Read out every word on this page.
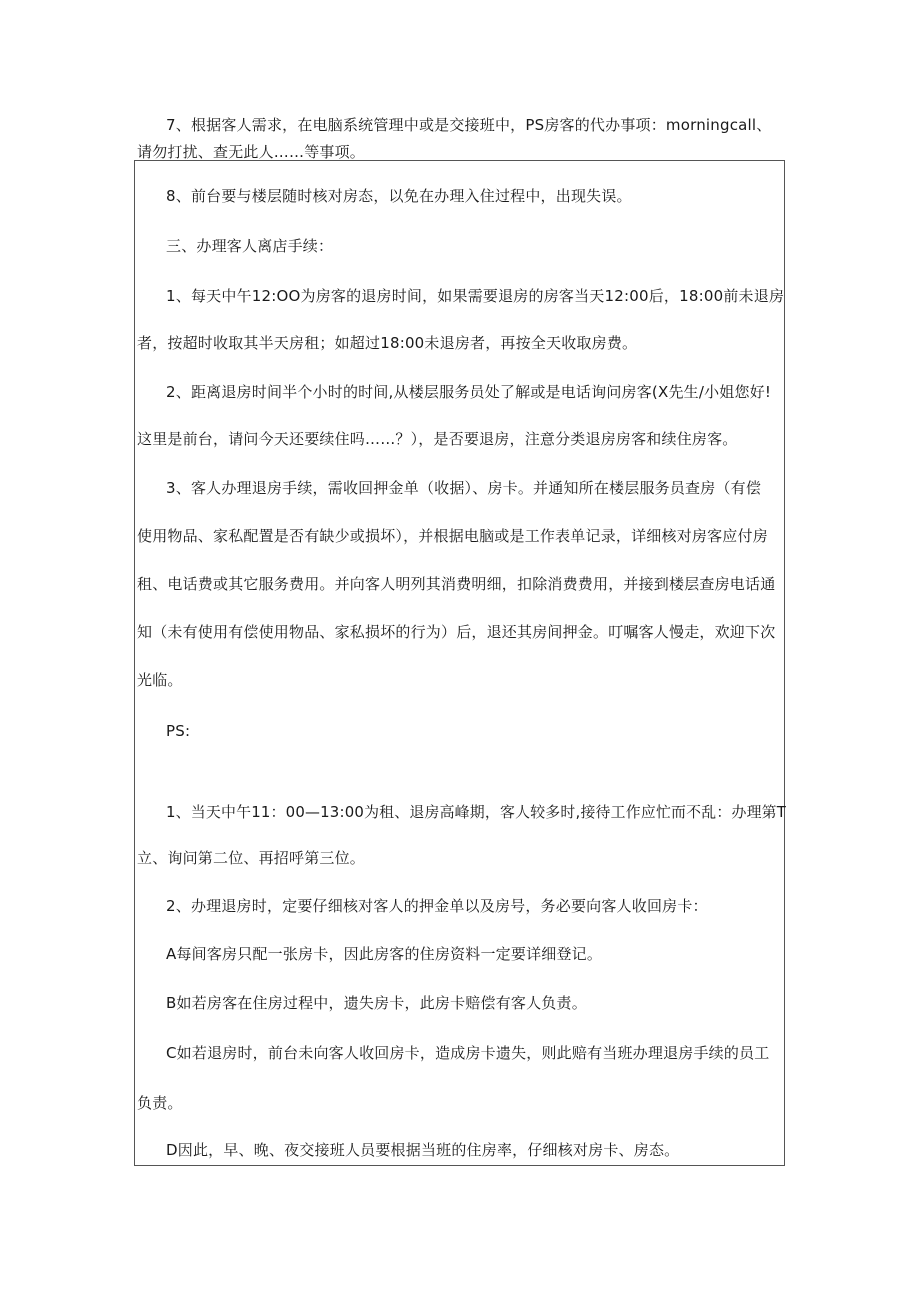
7、根据客人需求，在电脑系统管理中或是交接班中，PS房客的代办事项：morningcall、

请勿打扰、查无此人……等事项。

8、前台要与楼层随时核对房态，以免在办理入住过程中，出现失误。

三、办理客人离店手续：

1、每天中午12:OO为房客的退房时间，如果需要退房的房客当天12:00后，18:00前未退房

者，按超时收取其半天房租；如超过18:00未退房者，再按全天收取房费。

2、距离退房时间半个小时的时间,从楼层服务员处了解或是电话询问房客(X先生/小姐您好!

这里是前台，请问今天还要续住吗……？），是否要退房，注意分类退房房客和续住房客。

3、客人办理退房手续，需收回押金单（收据）、房卡。并通知所在楼层服务员查房（有偿

使用物品、家私配置是否有缺少或损坏），并根据电脑或是工作表单记录，详细核对房客应付房

租、电话费或其它服务费用。并向客人明列其消费明细，扣除消费费用，并接到楼层查房电话通

知（未有使用有偿使用物品、家私损坏的行为）后，退还其房间押金。叮嘱客人慢走，欢迎下次

光临。

PS:

1、当天中午11：00—13:00为租、退房高峰期，客人较多时,接待工作应忙而不乱：办理第T

立、询问第二位、再招呼第三位。

2、办理退房时，定要仔细核对客人的押金单以及房号，务必要向客人收回房卡：

A每间客房只配一张房卡，因此房客的住房资料一定要详细登记。

B如若房客在住房过程中，遗失房卡，此房卡赔偿有客人负责。

C如若退房时，前台未向客人收回房卡，造成房卡遗失，则此赔有当班办理退房手续的员工

负责。

D因此，早、晚、夜交接班人员要根据当班的住房率，仔细核对房卡、房态。
